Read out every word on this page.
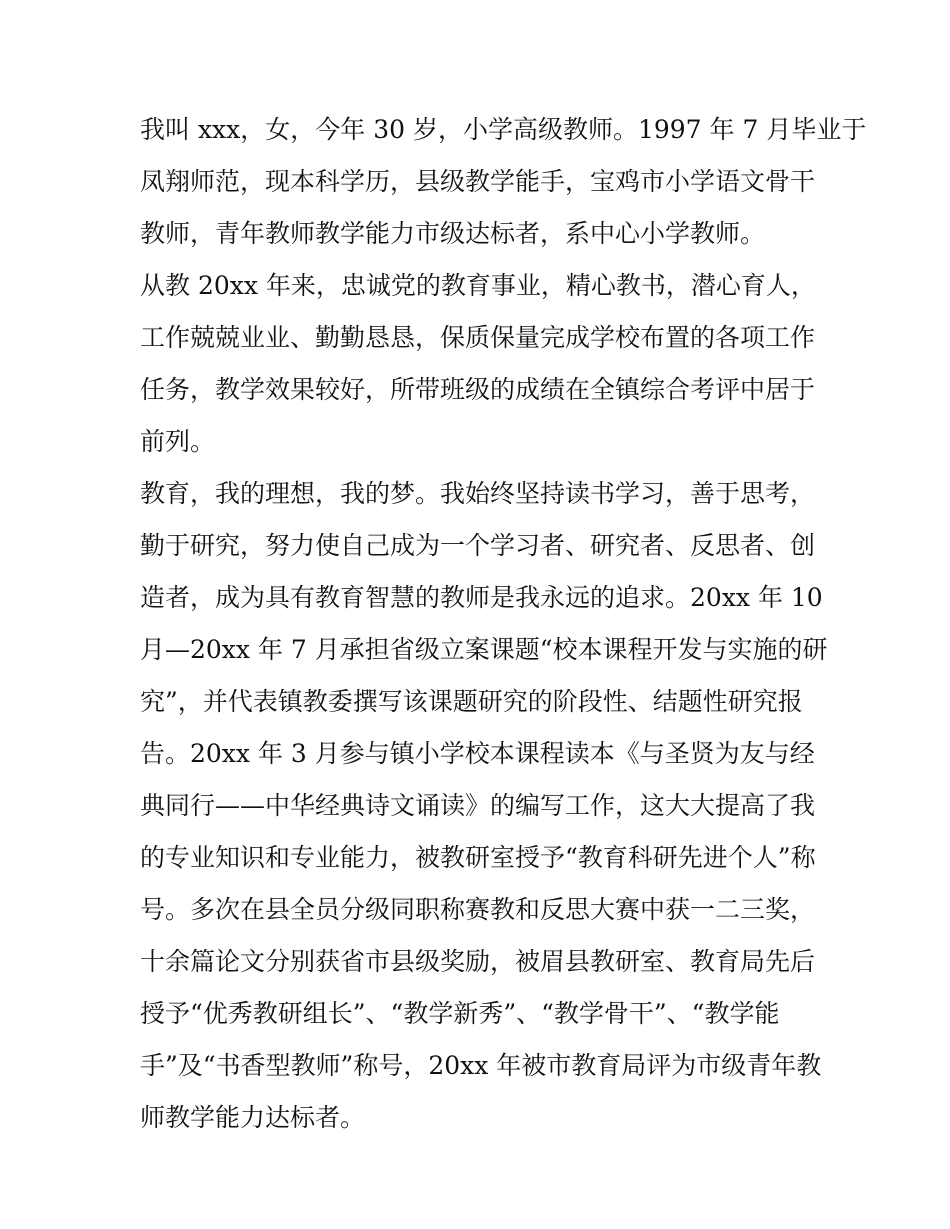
我叫 xxx，女，今年 30 岁，小学高级教师。1997 年 7 月毕业于
凤翔师范，现本科学历，县级教学能手，宝鸡市小学语文骨干
教师，青年教师教学能力市级达标者，系中心小学教师。
从教 20xx 年来，忠诚党的教育事业，精心教书，潜心育人，
工作兢兢业业、勤勤恳恳，保质保量完成学校布置的各项工作
任务，教学效果较好，所带班级的成绩在全镇综合考评中居于
前列。
教育，我的理想，我的梦。我始终坚持读书学习，善于思考，
勤于研究，努力使自己成为一个学习者、研究者、反思者、创
造者，成为具有教育智慧的教师是我永远的追求。20xx 年 10
月—20xx 年 7 月承担省级立案课题“校本课程开发与实施的研
究”，并代表镇教委撰写该课题研究的阶段性、结题性研究报
告。20xx 年 3 月参与镇小学校本课程读本《与圣贤为友与经
典同行——中华经典诗文诵读》的编写工作，这大大提高了我
的专业知识和专业能力，被教研室授予“教育科研先进个人”称
号。多次在县全员分级同职称赛教和反思大赛中获一二三奖，
十余篇论文分别获省市县级奖励，被眉县教研室、教育局先后
授予“优秀教研组长”、“教学新秀”、“教学骨干”、“教学能
手”及“书香型教师”称号，20xx 年被市教育局评为市级青年教
师教学能力达标者。
